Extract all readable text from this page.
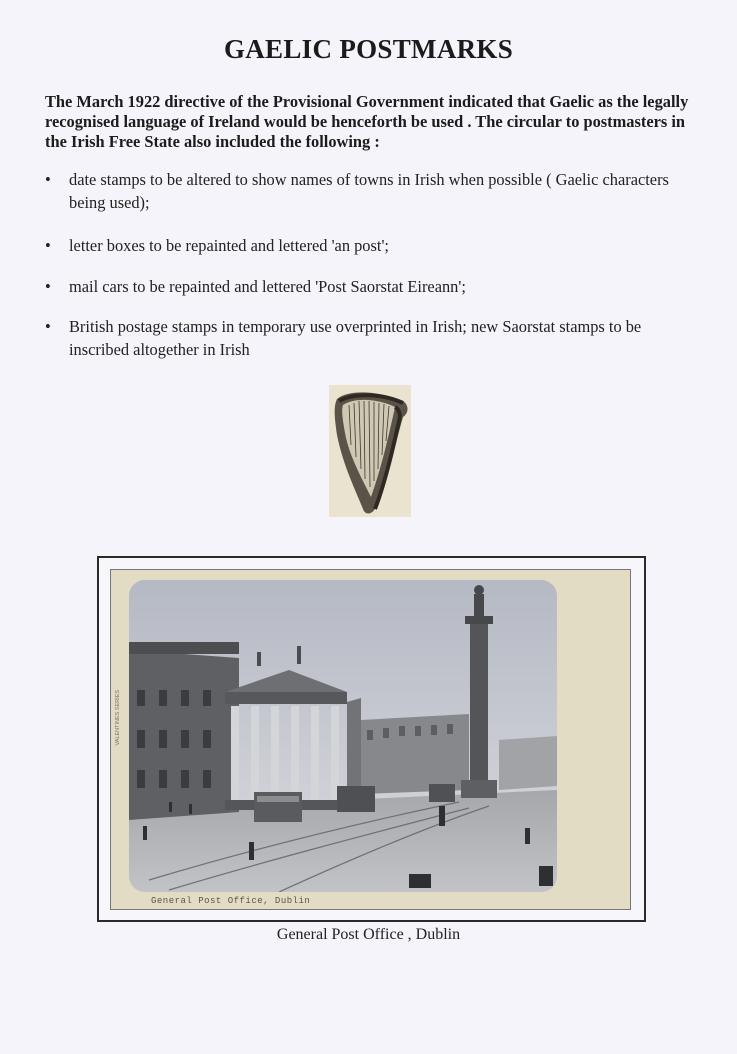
GAELIC POSTMARKS
The March 1922 directive of the Provisional Government indicated that Gaelic as the legally recognised language of Ireland would be henceforth be used . The circular to postmasters in the Irish Free State also included the following :
•	date stamps to be altered to show names of towns in Irish when possible ( Gaelic characters being used);
•	letter boxes to be repainted and lettered 'an post';
•	mail cars to be repainted and lettered 'Post Saorstat Eireann';
•	British postage stamps in temporary use overprinted in Irish; new Saorstat stamps to be inscribed altogether in Irish
VALENTINES SERIES
General Post Office, Dublin
General Post Office , Dublin
